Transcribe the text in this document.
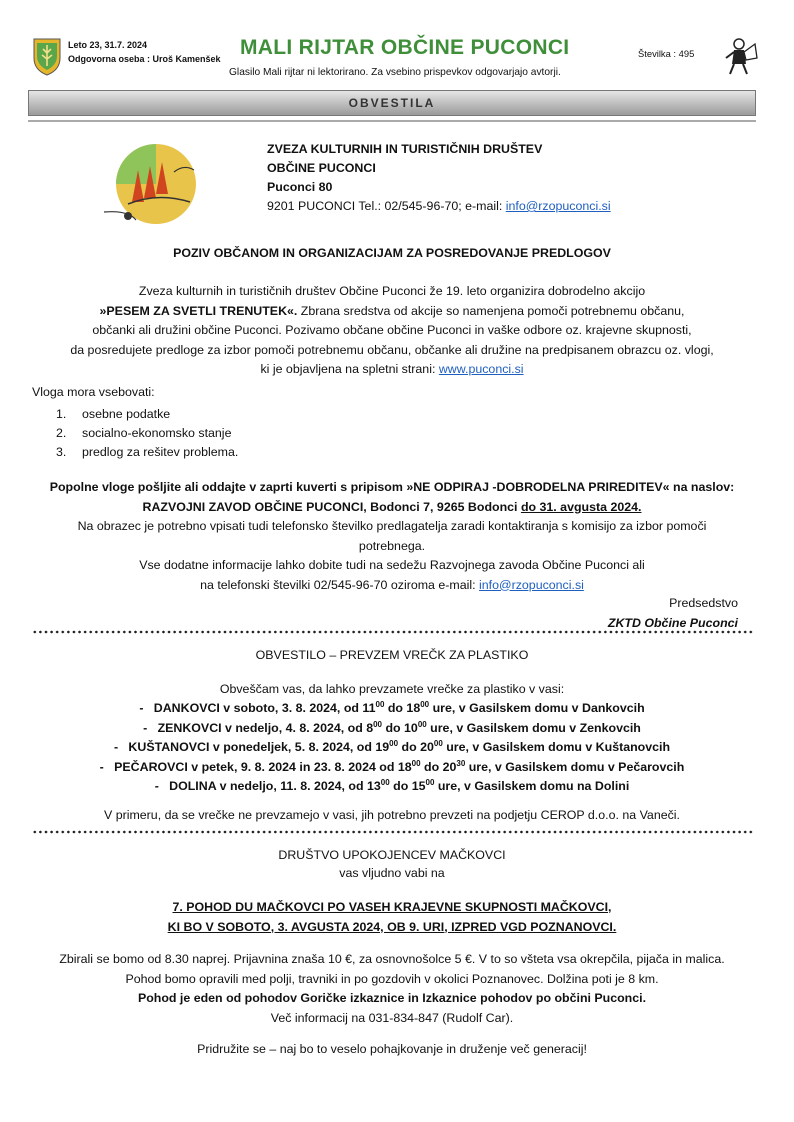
Leto 23, 31.7. 2024
Odgovorna oseba : Uroš Kamenšek MALI RIJTAR OBČINE PUCONCI
Glasilo Mali rijtar ni lektorirano. Za vsebino prispevkov odgovarjajo avtorji.
Številka : 495
OBVESTILA
ZVEZA KULTURNIH IN TURISTIČNIH DRUŠTEV
OBČINE PUCONCI
Puconci 80
9201 PUCONCI Tel.: 02/545-96-70; e-mail: info@rzopuconci.si
POZIV OBČANOM IN ORGANIZACIJAM ZA POSREDOVANJE PREDLOGOV
Zveza kulturnih in turističnih društev Občine Puconci že 19. leto organizira dobrodelno akcijo
»PESEM ZA SVETLI TRENUTEK«. Zbrana sredstva od akcije so namenjena pomoči potrebnemu občanu,
občanki ali družini občine Puconci. Pozivamo občane občine Puconci in vaške odbore oz. krajevne skupnosti,
da posredujete predloge za izbor pomoči potrebnemu občanu, občanke ali družine na predpisanem obrazcu oz. vlogi,
ki je objavljena na spletni strani: www.puconci.si
Vloga mora vsebovati:
1. osebne podatke
2. socialno-ekonomsko stanje
3. predlog za rešitev problema.
Popolne vloge pošljite ali oddajte v zaprti kuverti s pripisom »NE ODPIRAJ -DOBRODELNA PRIREDITEV« na naslov:
RAZVOJNI ZAVOD OBČINE PUCONCI, Bodonci 7, 9265 Bodonci do 31. avgusta 2024.
Na obrazec je potrebno vpisati tudi telefonsko številko predlagatelja zaradi kontaktiranja s komisijo za izbor pomoči
potrebnega.
Vse dodatne informacije lahko dobite tudi na sedežu Razvojnega zavoda Občine Puconci ali
na telefonski številki 02/545-96-70 oziroma e-mail: info@rzopuconci.si
Predsedstvo
ZKTD Občine Puconci
OBVESTILO – PREVZEM VREČK ZA PLASTIKO
Obveščam vas, da lahko prevzamete vrečke za plastiko v vasi:
- DANKOVCI v soboto, 3. 8. 2024, od $11^{00}$ do $18^{00}$ ure, v Gasilskem domu v Dankovcih
- ZENKOVCI v nedeljo, 4. 8. 2024, od $8^{00}$ do $10^{00}$ ure, v Gasilskem domu v Zenkovcih
- KUŠTANOVCI v ponedeljek, 5. 8. 2024, od $19^{00}$ do $20^{00}$ ure, v Gasilskem domu v Kuštanovcih
- PEČAROVCI v petek, 9. 8. 2024 in 23. 8. 2024 od $18^{00}$ do $20^{30}$ ure, v Gasilskem domu v Pečarovcih
- DOLINA v nedeljo, 11. 8. 2024, od $13^{00}$ do $15^{00}$ ure, v Gasilskem domu na Dolini
V primeru, da se vrečke ne prevzamejo v vasi, jih potrebno prevzeti na podjetju CEROP d.o.o. na Vaneči.
DRUŠTVO UPOKOJENCEV MAČKOVCI
vas vljudno vabi na
7. POHOD DU MAČKOVCI PO VASEH KRAJEVNE SKUPNOSTI MAČKOVCI,
KI BO V SOBOTO, 3. AVGUSTA 2024, OB 9. URI, IZPRED VGD POZNANOVCI.
Zbirali se bomo od 8.30 naprej. Prijavnina znaša 10 €, za osnovnošolce 5 €. V to so všteta vsa okrepčila, pijača in malica.
Pohod bomo opravili med polji, travniki in po gozdovih v okolici Poznanovec. Dolžina poti je 8 km.
Pohod je eden od pohodov Goričke izkaznice in Izkaznice pohodov po občini Puconci.
Več informacij na 031-834-847 (Rudolf Car).
Pridružite se – naj bo to veselo pohajkovanje in druženje več generacij!
